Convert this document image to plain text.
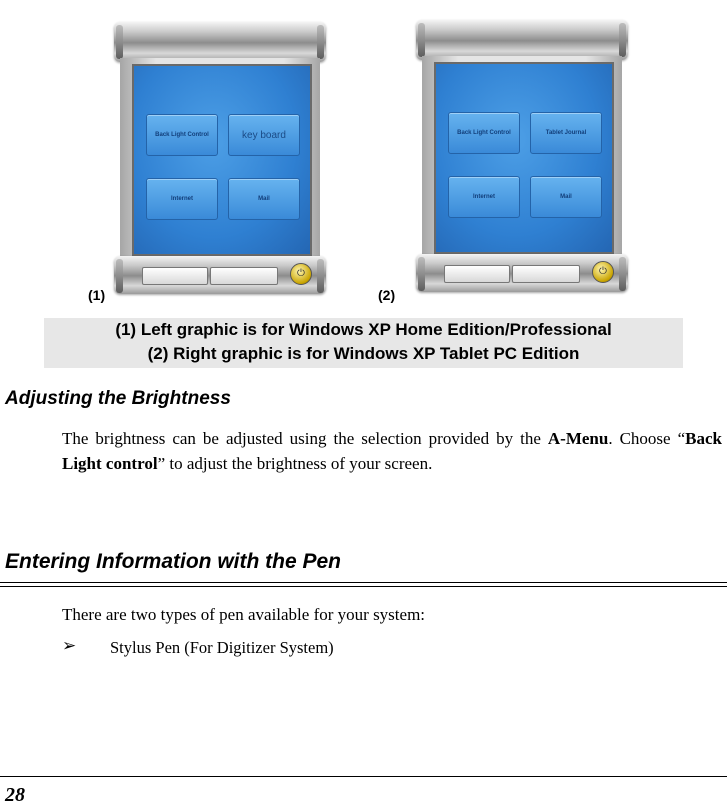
Back Light Control	key board
Internet	Mail
⏻
(1)
Back Light Control	Tablet Journal
Internet	Mail
⏻
(2)
(1) Left graphic is for Windows XP Home Edition/Professional
(2) Right graphic is for Windows XP Tablet PC Edition
Adjusting the Brightness
The brightness can be adjusted using the selection provided by the A-Menu. Choose “Back Light control” to adjust the brightness of your screen.
Entering Information with the Pen
There are two types of pen available for your system:
➢ Stylus Pen (For Digitizer System)
28
